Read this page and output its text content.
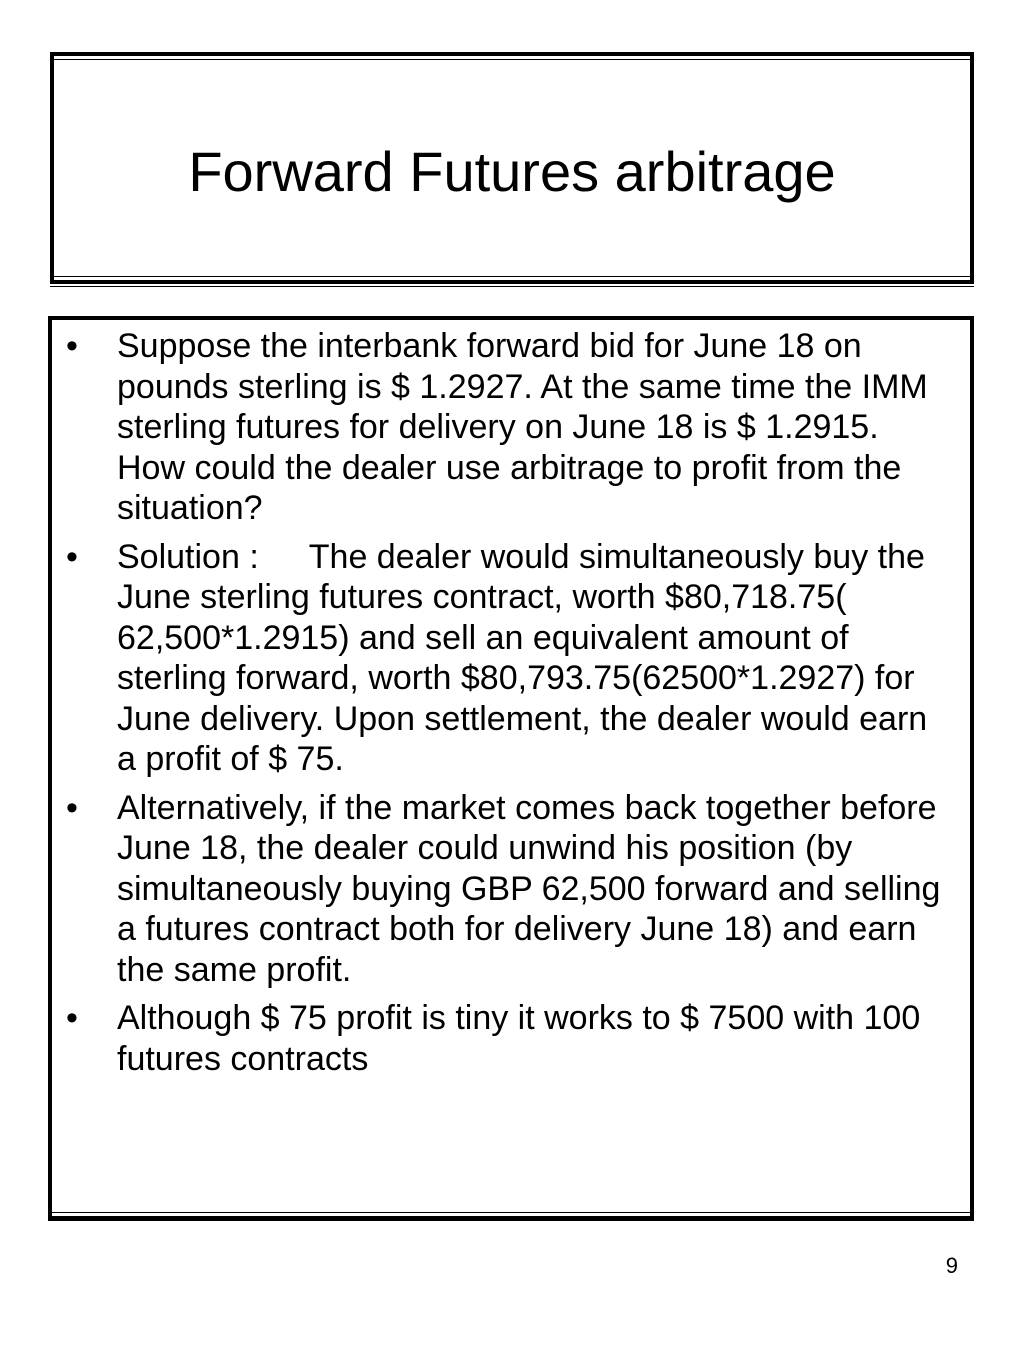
Forward Futures arbitrage
• Suppose the interbank forward bid for June 18 on pounds sterling is $ 1.2927. At the same time the IMM sterling futures for delivery on June 18 is $ 1.2915. How could the dealer use arbitrage to profit from the situation?
• Solution : The dealer would simultaneously buy the June sterling futures contract, worth $80,718.75( 62,500*1.2915) and sell an equivalent amount of sterling forward, worth $80,793.75(62500*1.2927) for June delivery. Upon settlement, the dealer would earn a profit of $ 75.
• Alternatively, if the market comes back together before June 18, the dealer could unwind his position (by simultaneously buying GBP 62,500 forward and selling a futures contract both for delivery June 18) and earn the same profit.
• Although $ 75 profit is tiny it works to $ 7500 with 100 futures contracts
9
